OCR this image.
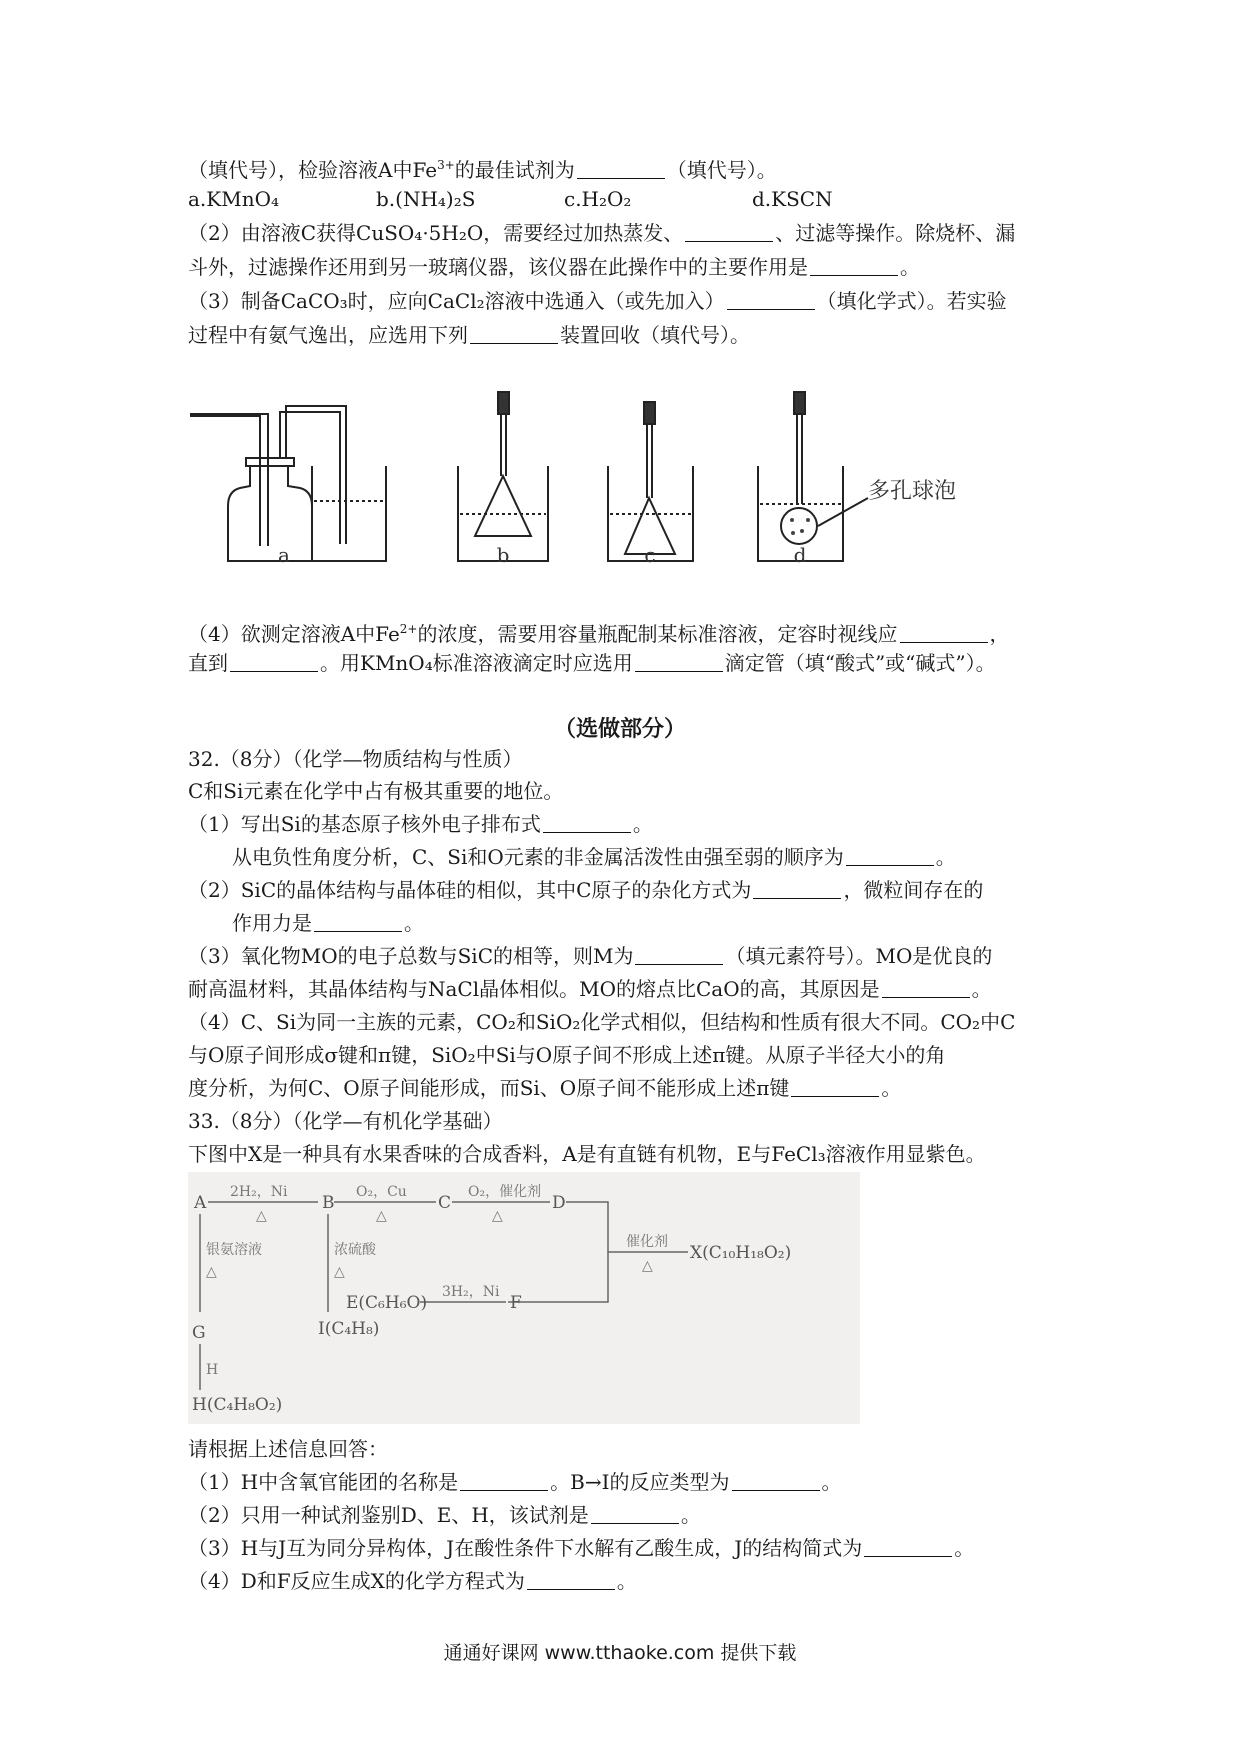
（填代号），检验溶液A中$Fe^{3+}$的最佳试剂为	（填代号）。
a.KMnO₄	b.(NH₄)₂S	c.H₂O₂	d.KSCN
（2）由溶液C获得CuSO₄·5H₂O，需要经过加热蒸发、	、过滤等操作。除烧杯、漏
斗外，过滤操作还用到另一玻璃仪器，该仪器在此操作中的主要作用是	。
（3）制备CaCO₃时，应向CaCl₂溶液中选通入（或先加入）	（填化学式）。若实验
过程中有氨气逸出，应选用下列	装置回收（填代号）。
多孔球泡
a	b	c	d
（4）欲测定溶液A中$Fe^{2+}$的浓度，需要用容量瓶配制某标准溶液，定容时视线应	，
直到	。用KMnO₄标准溶液滴定时应选用	滴定管（填“酸式”或“碱式”）。
（选做部分）
32.（8分）（化学—物质结构与性质）
C和Si元素在化学中占有极其重要的地位。
（1）写出Si的基态原子核外电子排布式	。
从电负性角度分析，C、Si和O元素的非金属活泼性由强至弱的顺序为	。
（2）SiC的晶体结构与晶体硅的相似，其中C原子的杂化方式为	，微粒间存在的
作用力是	。
（3）氧化物MO的电子总数与SiC的相等，则M为	（填元素符号）。MO是优良的
耐高温材料，其晶体结构与NaCl晶体相似。MO的熔点比CaO的高，其原因是	。
（4）C、Si为同一主族的元素，CO₂和SiO₂化学式相似，但结构和性质有很大不同。CO₂中C
与O原子间形成σ键和π键，SiO₂中Si与O原子间不形成上述π键。从原子半径大小的角
度分析，为何C、O原子间能形成，而Si、O原子间不能形成上述π键	。
33.（8分）（化学—有机化学基础）
下图中X是一种具有水果香味的合成香料，A是有直链有机物，E与FeCl₃溶液作用显紫色。
A	B	C	D
X(C₁₀H₁₈O₂)
E(C₆H₆O)	F
G	I(C₄H₈)
H(C₄H₈O₂)
2H₂，Ni
△
O₂，Cu
△
O₂，催化剂
△
催化剂
△
3H₂，Ni
银氨溶液
△
浓硫酸
△
H
请根据上述信息回答：
（1）H中含氧官能团的名称是	。B→I的反应类型为	。
（2）只用一种试剂鉴别D、E、H，该试剂是	。
（3）H与J互为同分异构体，J在酸性条件下水解有乙酸生成，J的结构简式为	。
（4）D和F反应生成X的化学方程式为	。
通通好课网 www.tthaoke.com 提供下载
